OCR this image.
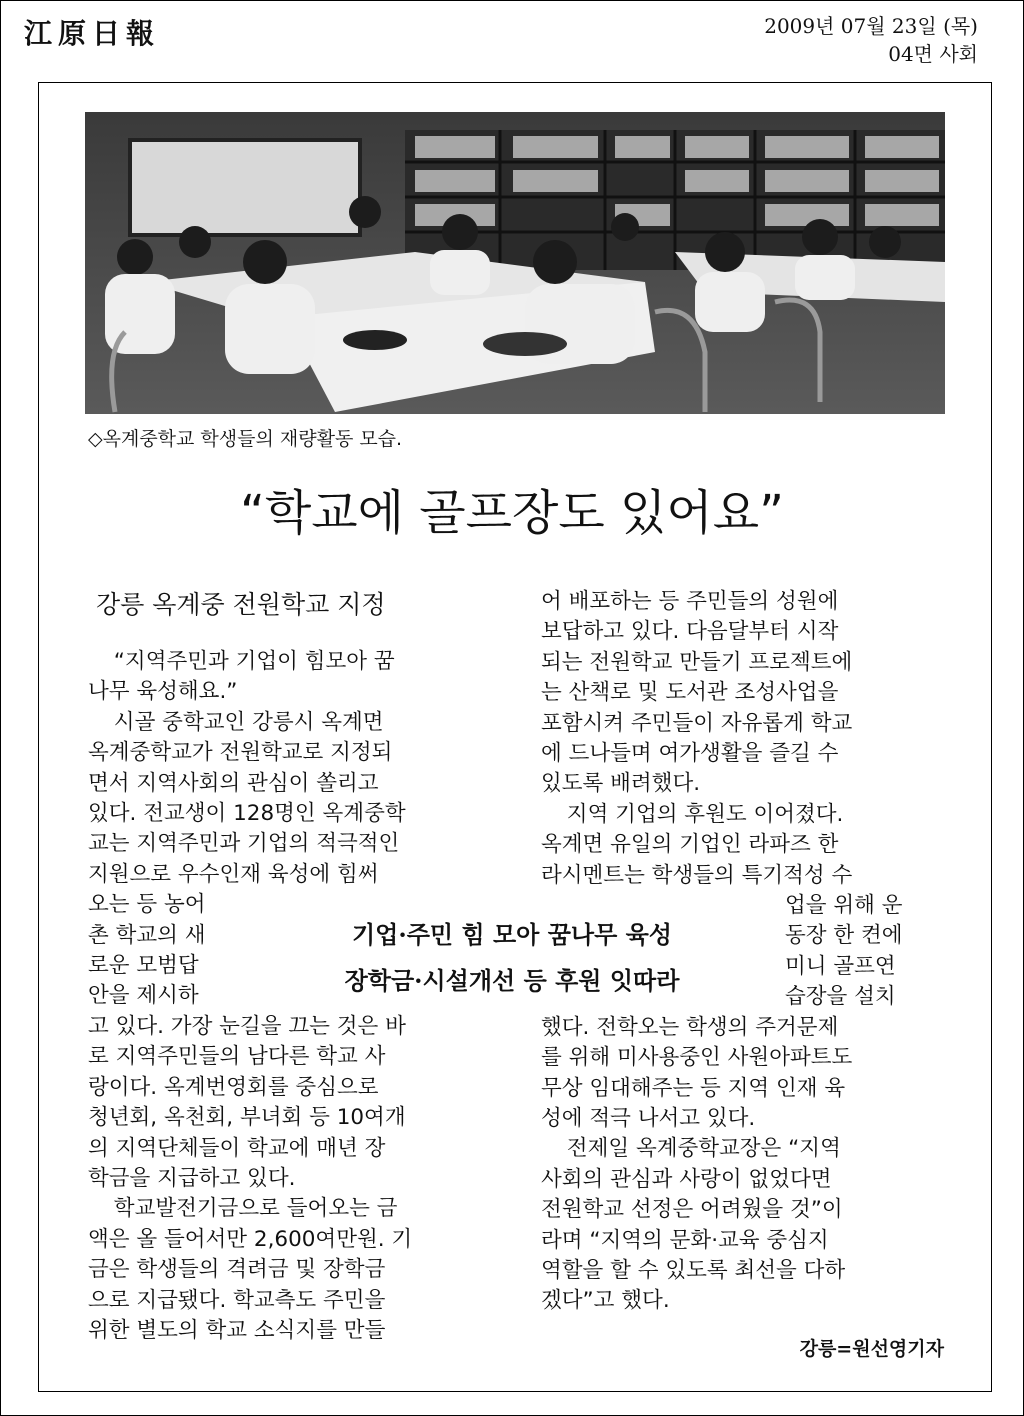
江原日報	2009년 07월 23일 (목)
04면 사회
◇옥계중학교 학생들의 재량활동 모습.
“학교에 골프장도 있어요”
강릉 옥계중 전원학교 지정

“지역주민과 기업이 힘모아 꿈

나무 육성해요.”

시골 중학교인 강릉시 옥계면

옥계중학교가 전원학교로 지정되

면서 지역사회의 관심이 쏠리고

있다. 전교생이 128명인 옥계중학

교는 지역주민과 기업의 적극적인

지원으로 우수인재 육성에 힘써

오는 등 농어

촌 학교의 새

로운 모범답

안을 제시하

고 있다. 가장 눈길을 끄는 것은 바

로 지역주민들의 남다른 학교 사

랑이다. 옥계번영회를 중심으로

청년회, 옥천회, 부녀회 등 10여개

의 지역단체들이 학교에 매년 장

학금을 지급하고 있다.

학교발전기금으로 들어오는 금

액은 올 들어서만 2,600여만원. 기

금은 학생들의 격려금 및 장학금

으로 지급됐다. 학교측도 주민을

위한 별도의 학교 소식지를 만들

어 배포하는 등 주민들의 성원에

보답하고 있다. 다음달부터 시작

되는 전원학교 만들기 프로젝트에

는 산책로 및 도서관 조성사업을

포함시켜 주민들이 자유롭게 학교

에 드나들며 여가생활을 즐길 수

있도록 배려했다.

지역 기업의 후원도 이어졌다.

옥계면 유일의 기업인 라파즈 한

라시멘트는 학생들의 특기적성 수

업을 위해 운

동장 한 켠에

미니 골프연

습장을 설치

했다. 전학오는 학생의 주거문제

를 위해 미사용중인 사원아파트도

무상 임대해주는 등 지역 인재 육

성에 적극 나서고 있다.

전제일 옥계중학교장은 “지역

사회의 관심과 사랑이 없었다면

전원학교 선정은 어려웠을 것”이

라며 “지역의 문화·교육 중심지

역할을 할 수 있도록 최선을 다하

겠다”고 했다.

기업·주민 힘 모아 꿈나무 육성
장학금·시설개선 등 후원 잇따라
강릉=원선영기자
